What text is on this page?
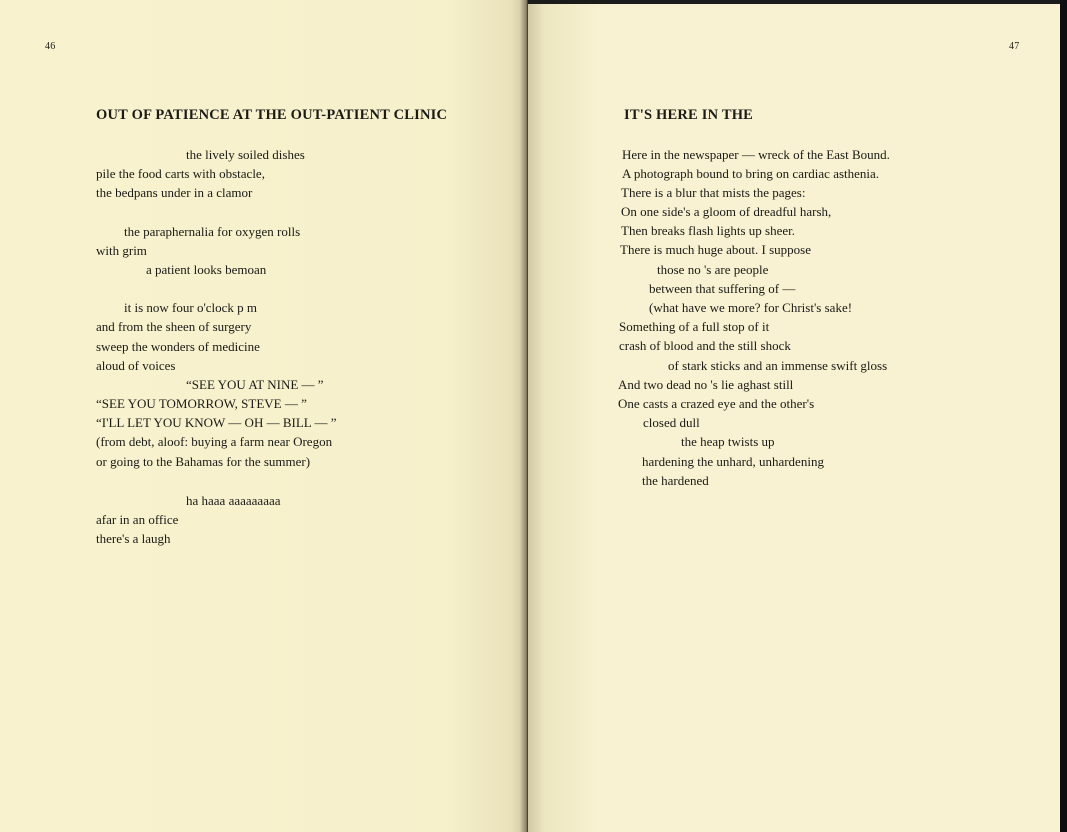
46
OUT OF PATIENCE AT THE OUT-PATIENT CLINIC
the lively soiled dishes
pile the food carts with obstacle,
the bedpans under in a clamor
the paraphernalia for oxygen rolls
with grim
a patient looks bemoan
it is now four o'clock p m
and from the sheen of surgery
sweep the wonders of medicine
aloud of voices
“SEE YOU AT NINE — ”
“SEE YOU TOMORROW, STEVE — ”
“I'LL LET YOU KNOW — OH — BILL — ”
(from debt, aloof: buying a farm near Oregon
or going to the Bahamas for the summer)
ha haaa aaaaaaaaa
afar in an office
there's a laugh
47
IT'S HERE IN THE
Here in the newspaper — wreck of the East Bound.
A photograph bound to bring on cardiac asthenia.
There is a blur that mists the pages:
On one side's a gloom of dreadful harsh,
Then breaks flash lights up sheer.
There is much huge about. I suppose
those no 's are people
between that suffering of —
(what have we more? for Christ's sake!
Something of a full stop of it
crash of blood and the still shock
of stark sticks and an immense swift gloss
And two dead no 's lie aghast still
One casts a crazed eye and the other's
closed dull
the heap twists up
hardening the unhard, unhardening
the hardened
